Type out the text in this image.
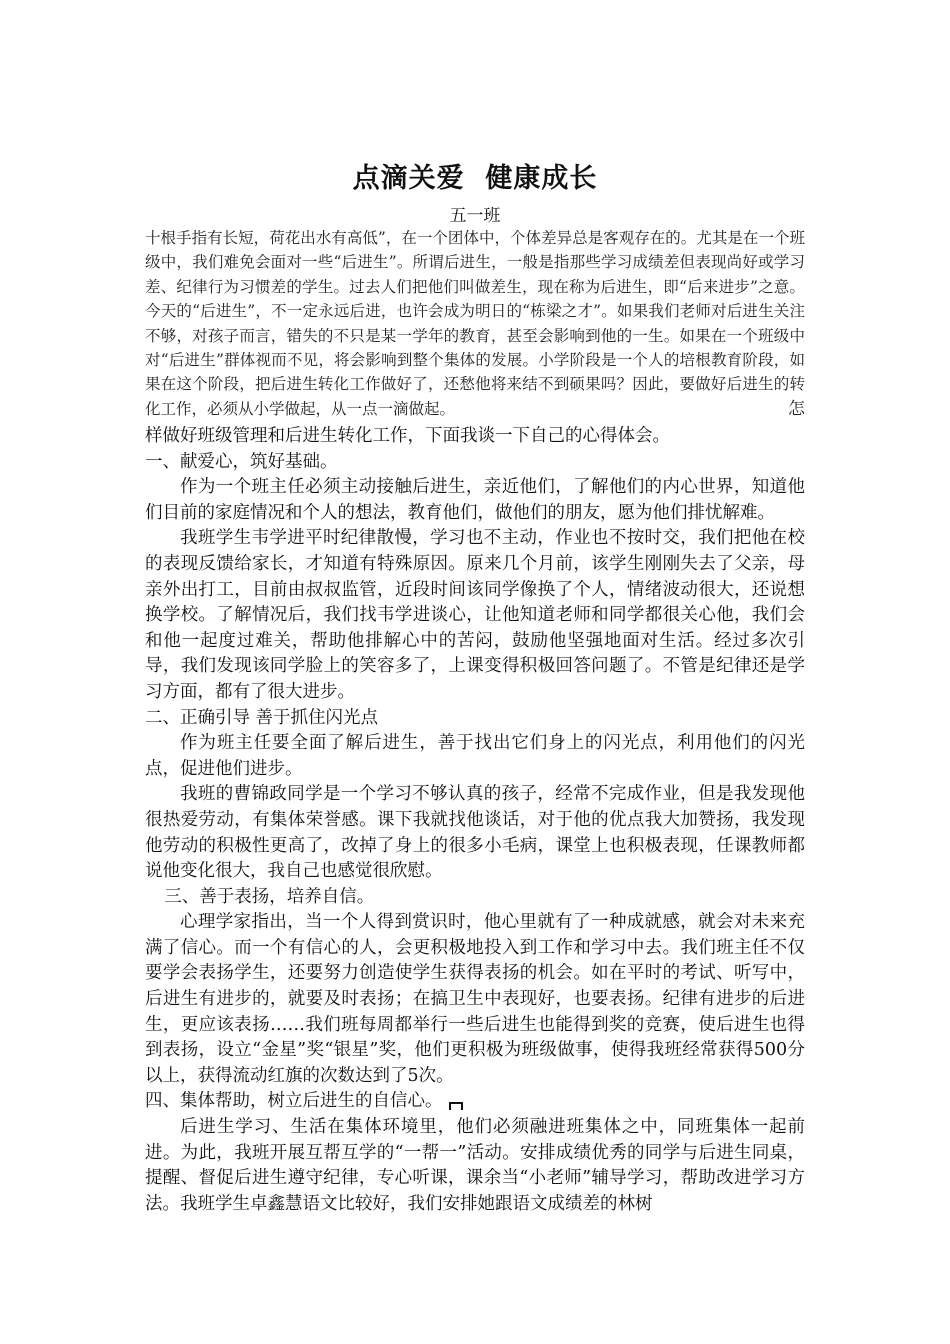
点滴关爱  健康成长
五一班
十根手指有长短，荷花出水有高低”，在一个团体中，个体差异总是客观存在的。尤其是在一个班级中，我们难免会面对一些“后进生”。所谓后进生，一般是指那些学习成绩差但表现尚好或学习差、纪律行为习惯差的学生。过去人们把他们叫做差生，现在称为后进生，即“后来进步”之意。今天的“后进生”，不一定永远后进，也许会成为明日的“栋梁之才”。如果我们老师对后进生关注不够，对孩子而言，错失的不只是某一学年的教育，甚至会影响到他的一生。如果在一个班级中对“后进生”群体视而不见，将会影响到整个集体的发展。小学阶段是一个人的培根教育阶段，如果在这个阶段，把后进生转化工作做好了，还愁他将来结不到硕果吗？因此，要做好后进生的转化工作，必须从小学做起，从一点一滴做起。	怎

样做好班级管理和后进生转化工作，下面我谈一下自己的心得体会。

一、献爱心，筑好基础。

作为一个班主任必须主动接触后进生，亲近他们，了解他们的内心世界，知道他们目前的家庭情况和个人的想法，教育他们，做他们的朋友，愿为他们排忧解难。

我班学生韦学进平时纪律散慢，学习也不主动，作业也不按时交，我们把他在校的表现反馈给家长，才知道有特殊原因。原来几个月前，该学生刚刚失去了父亲，母亲外出打工，目前由叔叔监管，近段时间该同学像换了个人，情绪波动很大，还说想换学校。了解情况后，我们找韦学进谈心，让他知道老师和同学都很关心他，我们会和他一起度过难关，帮助他排解心中的苦闷，鼓励他坚强地面对生活。经过多次引导，我们发现该同学脸上的笑容多了，上课变得积极回答问题了。不管是纪律还是学习方面，都有了很大进步。

二、正确引导 善于抓住闪光点

作为班主任要全面了解后进生，善于找出它们身上的闪光点，利用他们的闪光点，促进他们进步。

我班的曹锦政同学是一个学习不够认真的孩子，经常不完成作业，但是我发现他很热爱劳动，有集体荣誉感。课下我就找他谈话，对于他的优点我大加赞扬，我发现他劳动的积极性更高了，改掉了身上的很多小毛病，课堂上也积极表现，任课教师都说他变化很大，我自己也感觉很欣慰。

三、善于表扬，培养自信。

心理学家指出，当一个人得到赏识时，他心里就有了一种成就感，就会对未来充满了信心。而一个有信心的人，会更积极地投入到工作和学习中去。我们班主任不仅要学会表扬学生，还要努力创造使学生获得表扬的机会。如在平时的考试、听写中，后进生有进步的，就要及时表扬；在搞卫生中表现好，也要表扬。纪律有进步的后进生，更应该表扬……我们班每周都举行一些后进生也能得到奖的竞赛，使后进生也得到表扬，设立“金星”奖“银星”奖，他们更积极为班级做事，使得我班经常获得500分以上，获得流动红旗的次数达到了5次。

四、集体帮助，树立后进生的自信心。

后进生学习、生活在集体环境里，他们必须融进班集体之中，同班集体一起前进。为此，我班开展互帮互学的“一帮一”活动。安排成绩优秀的同学与后进生同桌，提醒、督促后进生遵守纪律，专心听课，课余当“小老师”辅导学习，帮助改进学习方法。我班学生卓鑫慧语文比较好，我们安排她跟语文成绩差的林树
